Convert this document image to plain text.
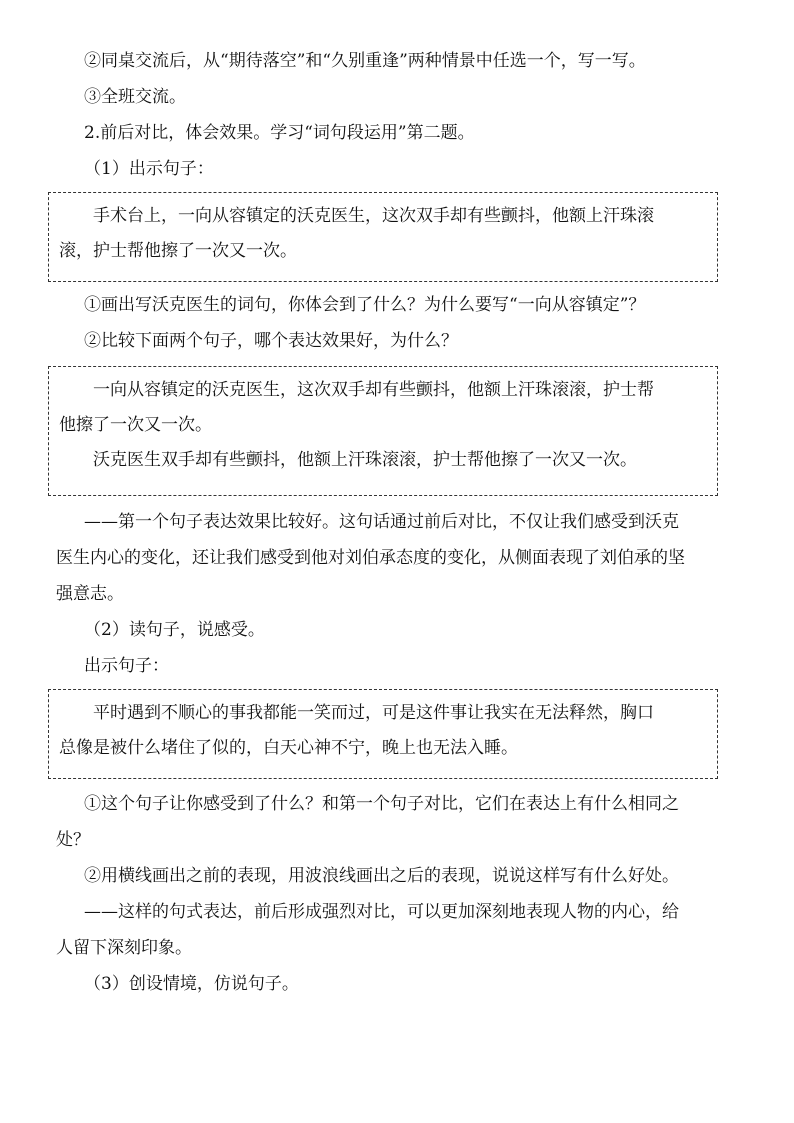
②同桌交流后，从“期待落空”和“久别重逢”两种情景中任选一个，写一写。
③全班交流。
2.前后对比，体会效果。学习“词句段运用”第二题。
（1）出示句子：
手术台上，一向从容镇定的沃克医生，这次双手却有些颤抖，他额上汗珠滚
滚，护士帮他擦了一次又一次。
①画出写沃克医生的词句，你体会到了什么？为什么要写“一向从容镇定”？
②比较下面两个句子，哪个表达效果好，为什么？
一向从容镇定的沃克医生，这次双手却有些颤抖，他额上汗珠滚滚，护士帮
他擦了一次又一次。
沃克医生双手却有些颤抖，他额上汗珠滚滚，护士帮他擦了一次又一次。
——第一个句子表达效果比较好。这句话通过前后对比，不仅让我们感受到沃克
医生内心的变化，还让我们感受到他对刘伯承态度的变化，从侧面表现了刘伯承的坚
强意志。
（2）读句子，说感受。
出示句子：
平时遇到不顺心的事我都能一笑而过，可是这件事让我实在无法释然，胸口
总像是被什么堵住了似的，白天心神不宁，晚上也无法入睡。
①这个句子让你感受到了什么？和第一个句子对比，它们在表达上有什么相同之
处？
②用横线画出之前的表现，用波浪线画出之后的表现，说说这样写有什么好处。
——这样的句式表达，前后形成强烈对比，可以更加深刻地表现人物的内心，给
人留下深刻印象。
（3）创设情境，仿说句子。
